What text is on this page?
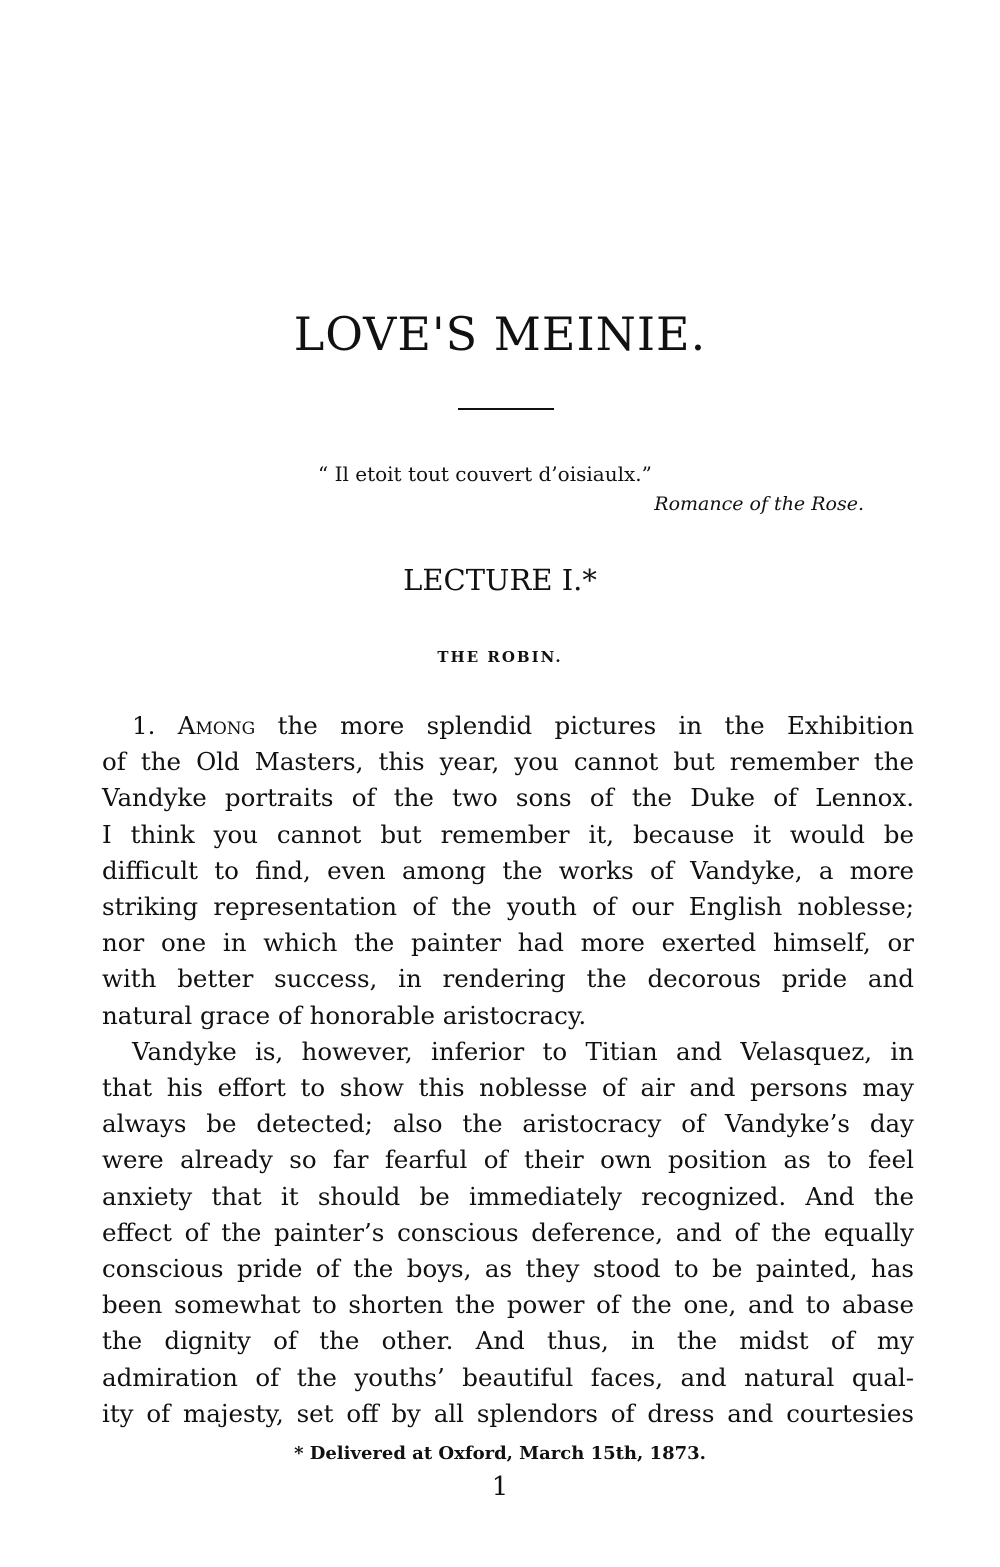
LOVE'S MEINIE.

“ Il etoit tout couvert d’oisiaulx.”

Romance of the Rose.

LECTURE I.*
THE ROBIN.
1. Among the more splendid pictures in the Exhibition
of the Old Masters, this year, you cannot but remember the
Vandyke portraits of the two sons of the Duke of Lennox.
I think you cannot but remember it, because it would be
difficult to find, even among the works of Vandyke, a more
striking representation of the youth of our English noblesse;
nor one in which the painter had more exerted himself, or
with better success, in rendering the decorous pride and
natural grace of honorable aristocracy.
Vandyke is, however, inferior to Titian and Velasquez, in
that his effort to show this noblesse of air and persons may
always be detected; also the aristocracy of Vandyke’s day
were already so far fearful of their own position as to feel
anxiety that it should be immediately recognized. And the
effect of the painter’s conscious deference, and of the equally
conscious pride of the boys, as they stood to be painted, has
been somewhat to shorten the power of the one, and to abase
the dignity of the other. And thus, in the midst of my
admiration of the youths’ beautiful faces, and natural qual-
ity of majesty, set off by all splendors of dress and courtesies

* Delivered at Oxford, March 15th, 1873.

1
